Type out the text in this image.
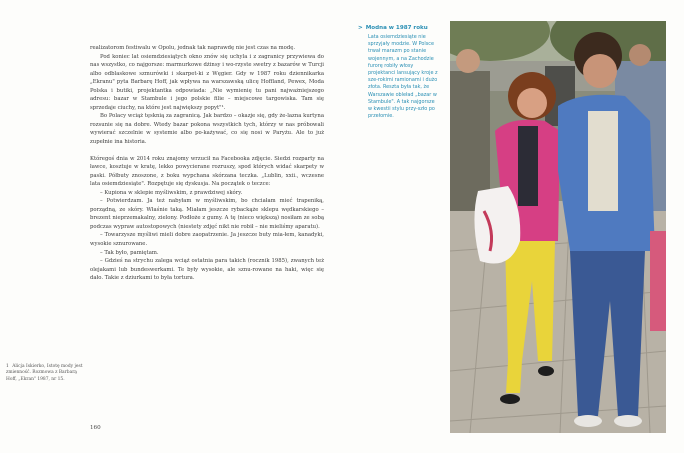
realizatorom festiwalu w Opolu, jednak tak naprawdę nie jest czas na modę.

Pod koniec lat osiemdziesiątych okno znów się uchyla i z zagranicy przywiewa do nas wszystko, co najgorsze: marmurkowe dżinsy i wo-rzyste swetry z bazarów w Turcji albo odblaskowe szmurówki i skarpet-ki z Węgier. Gdy w 1987 roku dziennikarka „Ekranu" pyta Barbarę Hoff, jak wpływa na warszawską ulicę Hoffland, Pewex, Moda Polska i butiki, projektantka odpowiada: „Nie wymienię tu pani najważniejszego adresu: bazar w Stambule i jego polskie filie – miejscowe targowiska. Tam się sprzedaje ciuchy, na które jest największy popyt"¹.

Bo Polacy wciąż tęsknią za zagranicą. Jak bardzo – okazje się, gdy że-lazna kurtyna rozsunie się na dobre. Wtedy bazar pokona wszystkich tych, którzy w nas próbowali wywierać szczelnie w systemie albo po-każywać, co się nosi w Paryżu. Ale to już zupełnie ina historia.

Któregoś dnia w 2014 roku znajomy wrzucił na Facebooka zdjęcie. Siedzi rozparty na ławce, kosztuje w kratę, lekko powycierane rozruszy, spod których widać skarpety w paski. Półbuty znoszone, z boku wypchana skórzana teczka. „Lublin, xxii., wczesne lata osiemdziesiąte". Rozpętuje się dyskusja. Na początek o teczce:

– Kupiona w sklepie myśliwskim, z prawdziwej skóry.

– Potwierdzam. Ja też nabyłam w myśliwskim, bo chciałam mieć trapeniką, porządną, ze skóry. Właśnie taką. Miałam jeszcze rybackąże sklepu wędkarskiego – brezent nieprzemakalny, zielony. Podłoże z gumy. A tę (nieco większą) nosiłam ze sobą podczas wypraw autostopowych (niestety zdjęć nikt nie robił – nie mieliśmy aparatu).

– Towarzysze myśliwi mieli dobre zaopatrzenie. Ja jeszcze buty mia-łem, kanadyki, wysokie sznurowane.

– Tak było, pamiętam.

– Gdzieś na strychu zalega wciąż ostatnia para takich (rocznik 1985), zwanych też olejakami lub bundeswerkami. Te były wysokie, ale sznu-rowane na haki, więc się dało. Takie z dziurkami to była tortura.

1 Alicja Iskierko, Istotę mody jest zmienność. Rozmowa z Barbarą Hoff, „Ekran" 1987, nr 15.
160
> Modna w 1987 roku
Lata osiemdziesiąte nie sprzyjały modzie. W Polsce trwał marazm po stanie wojennym, a na Zachodzie furorę robiły włosy projektanci lansujący kroje z sze-rokimi ramionami i dużo złota. Reszta była tak, że Warszawie obleład „bazar w Stambule". A tak najgorsze w kwestii stylu przy-szło po przełomie.
